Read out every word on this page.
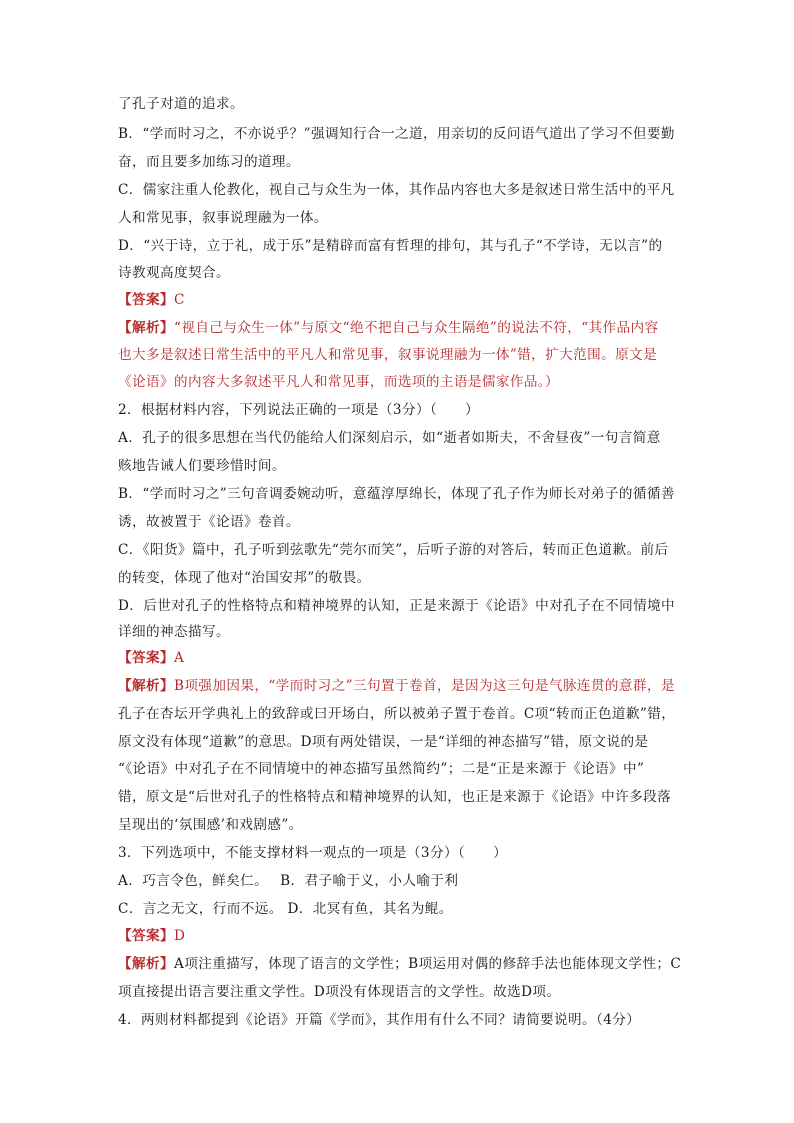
了孔子对道的追求。
B．“学而时习之，不亦说乎？”强调知行合一之道，用亲切的反问语气道出了学习不但要勤
奋，而且要多加练习的道理。
C．儒家注重人伦教化，视自己与众生为一体，其作品内容也大多是叙述日常生活中的平凡
人和常见事，叙事说理融为一体。
D．“兴于诗，立于礼，成于乐”是精辟而富有哲理的排句，其与孔子“不学诗，无以言”的
诗教观高度契合。
【答案】C
【解析】“视自己与众生一体”与原文“绝不把自己与众生隔绝”的说法不符，“其作品内容
也大多是叙述日常生活中的平凡人和常见事，叙事说理融为一体”错，扩大范围。原文是
《论语》的内容大多叙述平凡人和常见事，而选项的主语是儒家作品。）
2．根据材料内容，下列说法正确的一项是（3分）（　　）
A．孔子的很多思想在当代仍能给人们深刻启示，如“逝者如斯夫，不舍昼夜”一句言简意
赅地告诫人们要珍惜时间。
B．“学而时习之”三句音调委婉动听，意蕴淳厚绵长，体现了孔子作为师长对弟子的循循善
诱，故被置于《论语》卷首。
C．《阳货》篇中，孔子听到弦歌先“莞尔而笑”，后听子游的对答后，转而正色道歉。前后
的转变，体现了他对“治国安邦”的敬畏。
D．后世对孔子的性格特点和精神境界的认知，正是来源于《论语》中对孔子在不同情境中
详细的神态描写。
【答案】A
【解析】B项强加因果，“学而时习之”三句置于卷首，是因为这三句是气脉连贯的意群，是
孔子在杏坛开学典礼上的致辞或曰开场白，所以被弟子置于卷首。C项“转而正色道歉”错，
原文没有体现“道歉”的意思。D项有两处错误，一是“详细的神态描写”错，原文说的是
“《论语》中对孔子在不同情境中的神态描写虽然简约”；二是“正是来源于《论语》中”
错，原文是“后世对孔子的性格特点和精神境界的认知，也正是来源于《论语》中许多段落
呈现出的‘氛围感’和戏剧感”。
3．下列选项中，不能支撑材料一观点的一项是（3分）（　　）
A．巧言令色，鲜矣仁。　 B．君子喻于义，小人喻于利
C．言之无文，行而不远。 D．北冥有鱼，其名为鲲。
【答案】D
【解析】A项注重描写，体现了语言的文学性；B项运用对偶的修辞手法也能体现文学性；C
项直接提出语言要注重文学性。D项没有体现语言的文学性。故选D项。
4．两则材料都提到《论语》开篇《学而》，其作用有什么不同？请简要说明。（4分）
